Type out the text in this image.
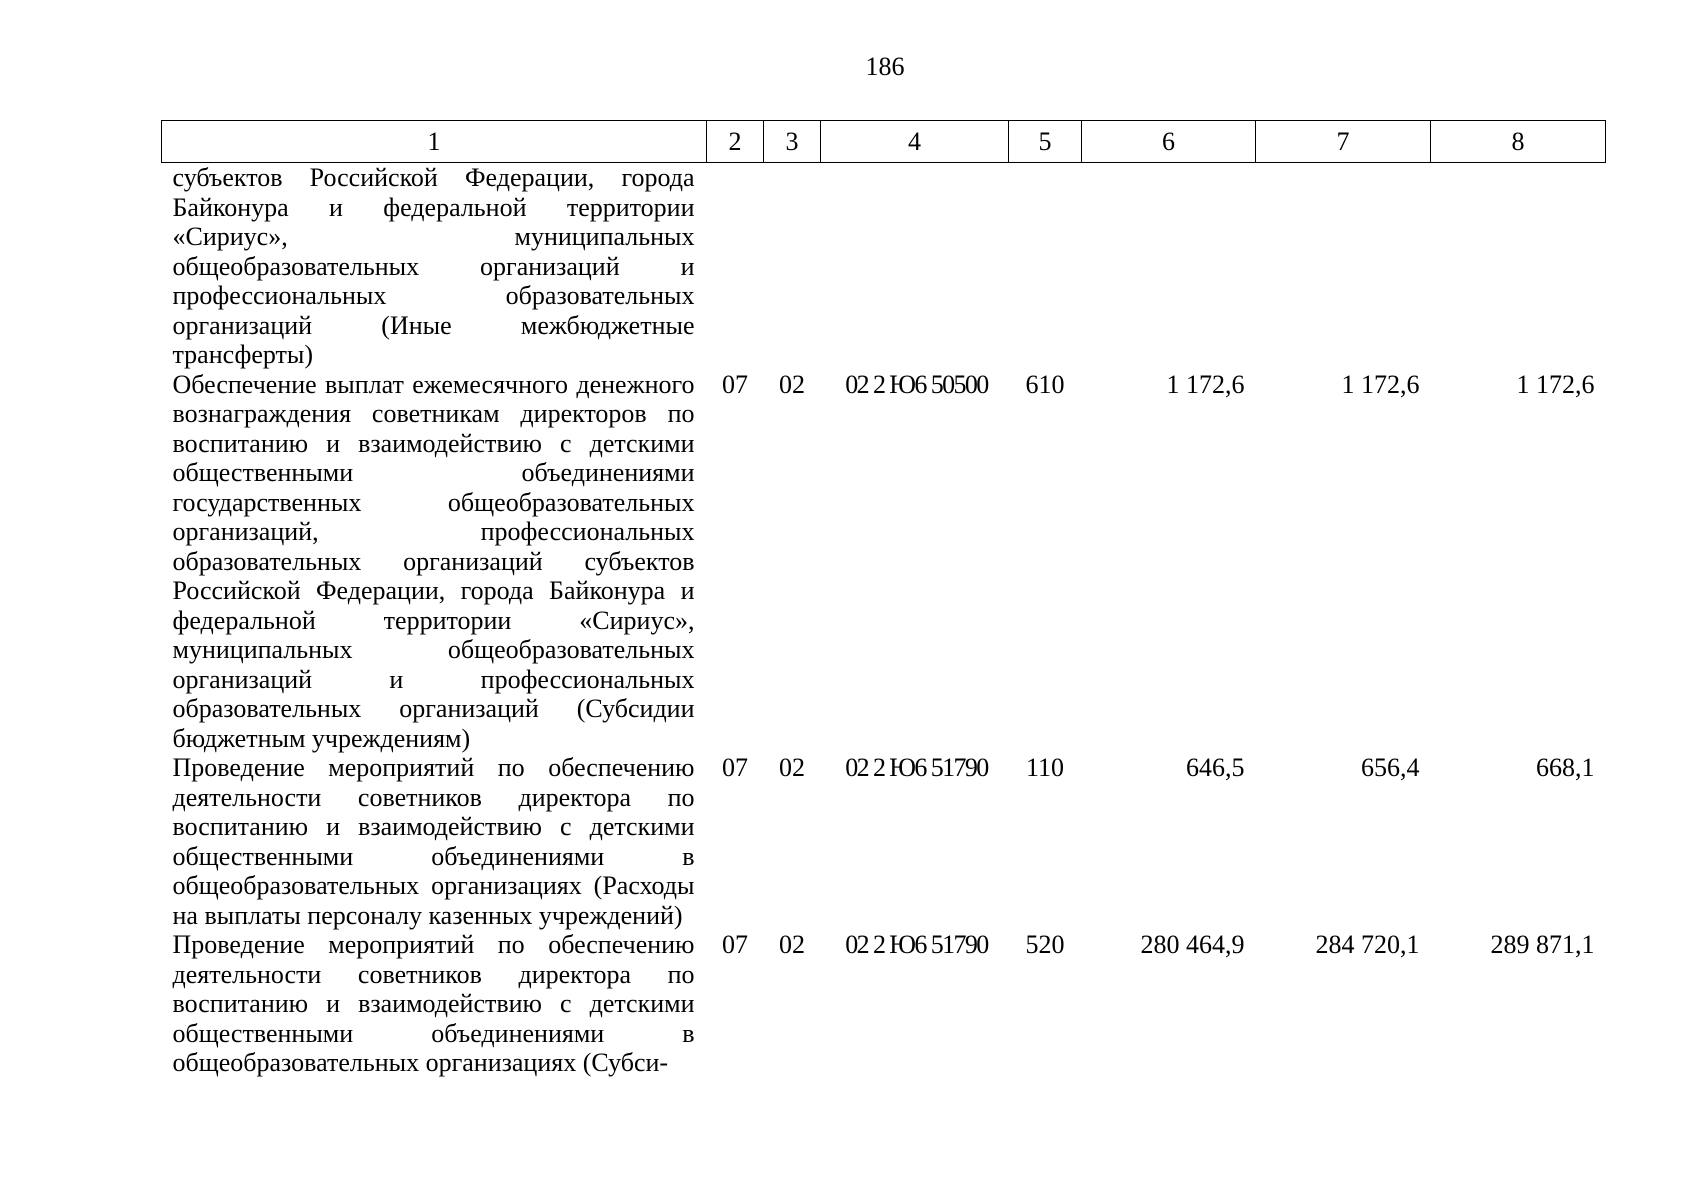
186
1	2	3	4	5	6	7	8
субъектов Российской Федерации, города Байконура и федеральной территории «Сириус», муниципальных общеобразовательных организаций и профессиональных образовательных организаций (Иные межбюджетные трансферты)							
Обеспечение выплат ежемесячного денежного вознаграждения советникам директоров по воспитанию и взаимодействию с детскими общественными объединениями государственных общеобразовательных организаций, профессиональных образовательных организаций субъектов Российской Федерации, города Байконура и федеральной территории «Сириус», муниципальных общеобразовательных организаций и профессиональных образовательных организаций (Субсидии бюджетным учреждениям)	07	02	02 2 Ю6 50500	610	1 172,6	1 172,6	1 172,6
Проведение мероприятий по обеспечению деятельности советников директора по воспитанию и взаимодействию с детскими общественными объединениями в общеобразовательных организациях (Расходы на выплаты персоналу казенных учреждений)	07	02	02 2 Ю6 51790	110	646,5	656,4	668,1
Проведение мероприятий по обеспечению деятельности советников директора по воспитанию и взаимодействию с детскими общественными объединениями в общеобразовательных организациях (Субси-	07	02	02 2 Ю6 51790	520	280 464,9	284 720,1	289 871,1
